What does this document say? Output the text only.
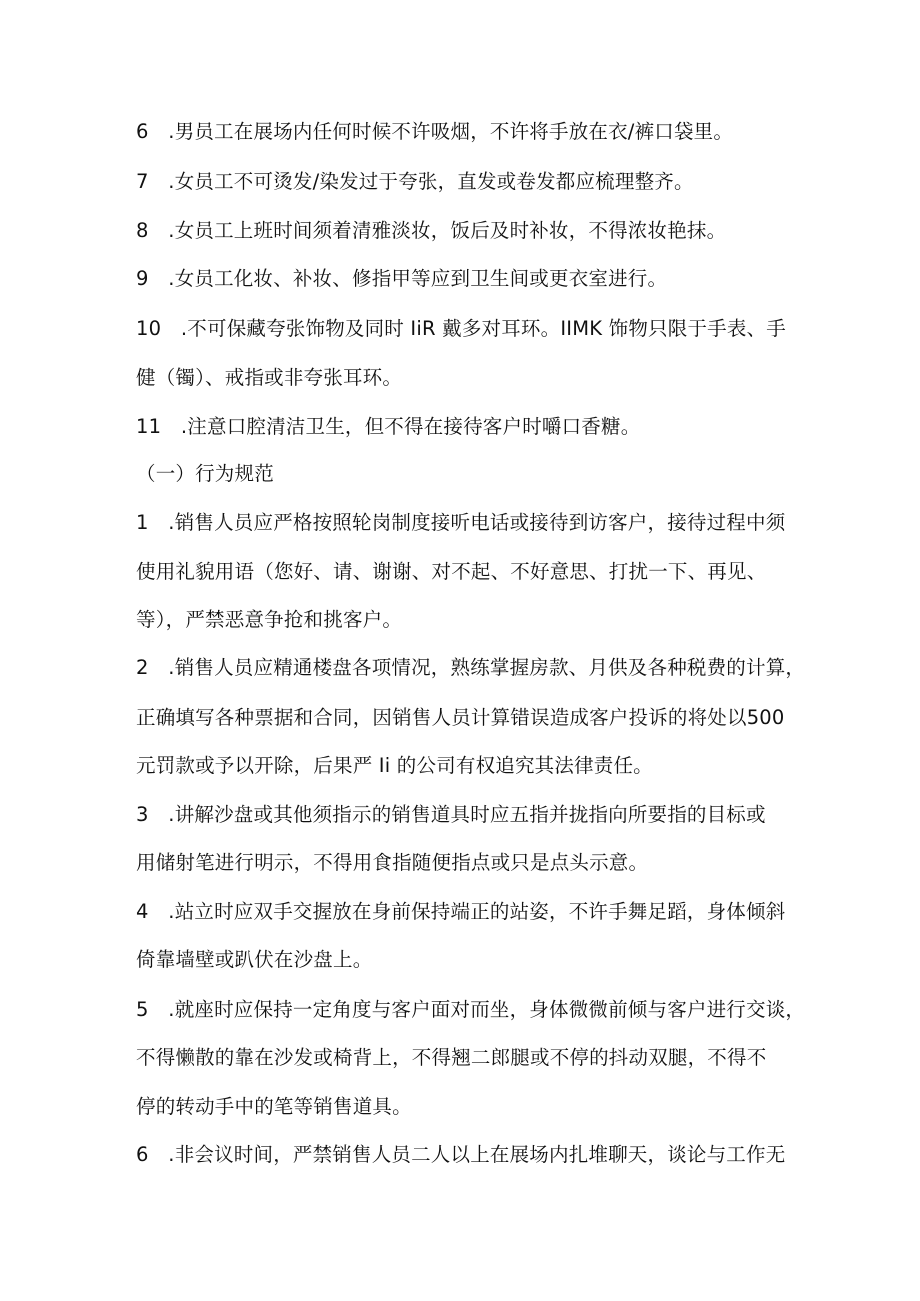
6　.男员工在展场内任何时候不许吸烟，不许将手放在衣/裤口袋里。
7　.女员工不可烫发/染发过于夸张，直发或卷发都应梳理整齐。
8　.女员工上班时间须着清雅淡妆，饭后及时补妆，不得浓妆艳抹。
9　.女员工化妆、补妆、修指甲等应到卫生间或更衣室进行。
10　.不可保藏夸张饰物及同时 IiR 戴多对耳环。IIMK 饰物只限于手表、手
健（镯）、戒指或非夸张耳环。
11　.注意口腔清洁卫生，但不得在接待客户时嚼口香糖。
（一）行为规范
1　.销售人员应严格按照轮岗制度接听电话或接待到访客户，接待过程中须
使用礼貌用语（您好、请、谢谢、对不起、不好意思、打扰一下、再见、
等），严禁恶意争抢和挑客户。
2　.销售人员应精通楼盘各项情况，熟练掌握房款、月供及各种税费的计算，
正确填写各种票据和合同，因销售人员计算错误造成客户投诉的将处以500
元罚款或予以开除，后果严 Ii 的公司有权追究其法律责任。
3　.讲解沙盘或其他须指示的销售道具时应五指并拢指向所要指的目标或
用储射笔进行明示，不得用食指随便指点或只是点头示意。
4　.站立时应双手交握放在身前保持端正的站姿，不许手舞足蹈，身体倾斜
倚靠墙壁或趴伏在沙盘上。
5　.就座时应保持一定角度与客户面对而坐，身体微微前倾与客户进行交谈，
不得懒散的靠在沙发或椅背上，不得翘二郎腿或不停的抖动双腿，不得不
停的转动手中的笔等销售道具。
6　.非会议时间，严禁销售人员二人以上在展场内扎堆聊天，谈论与工作无
